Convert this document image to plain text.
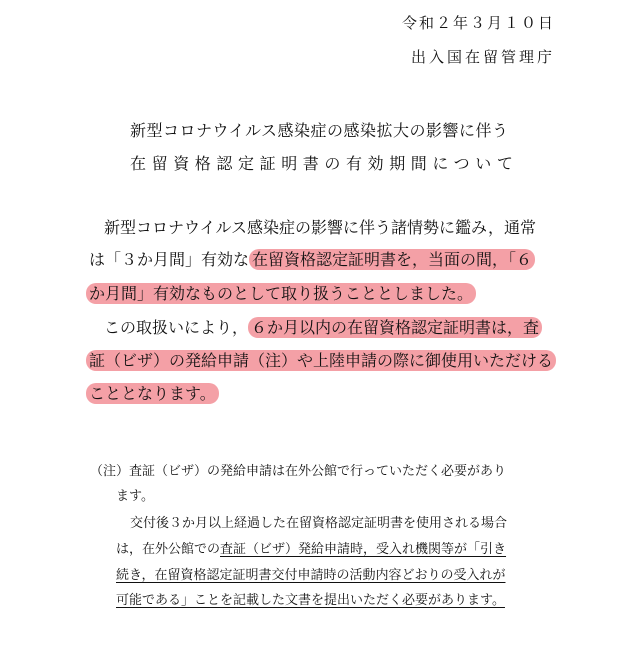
令和２年３月１０日
出入国在留管理庁
新型コロナウイルス感染症の感染拡大の影響に伴う
在留資格認定証明書の有効期間について
新型コロナウイルス感染症の影響に伴う諸情勢に鑑み，通常
は「３か月間」有効な 在留資格認定証明書を，当面の間，「６
か月間」有効なものとして取り扱うこととしました。
この取扱いにより， ６か月以内の在留資格認定証明書は，査
証（ビザ）の発給申請（注）や上陸申請の際に御使用いただける
こととなります。
（注）査証（ビザ）の発給申請は在外公館で行っていただく必要があり
ます。
交付後３か月以上経過した在留資格認定証明書を使用される場合
は，在外公館での査証（ビザ）発給申請時，受入れ機関等が「引き
続き，在留資格認定証明書交付申請時の活動内容どおりの受入れが
可能である」ことを記載した文書を提出いただく必要があります。
